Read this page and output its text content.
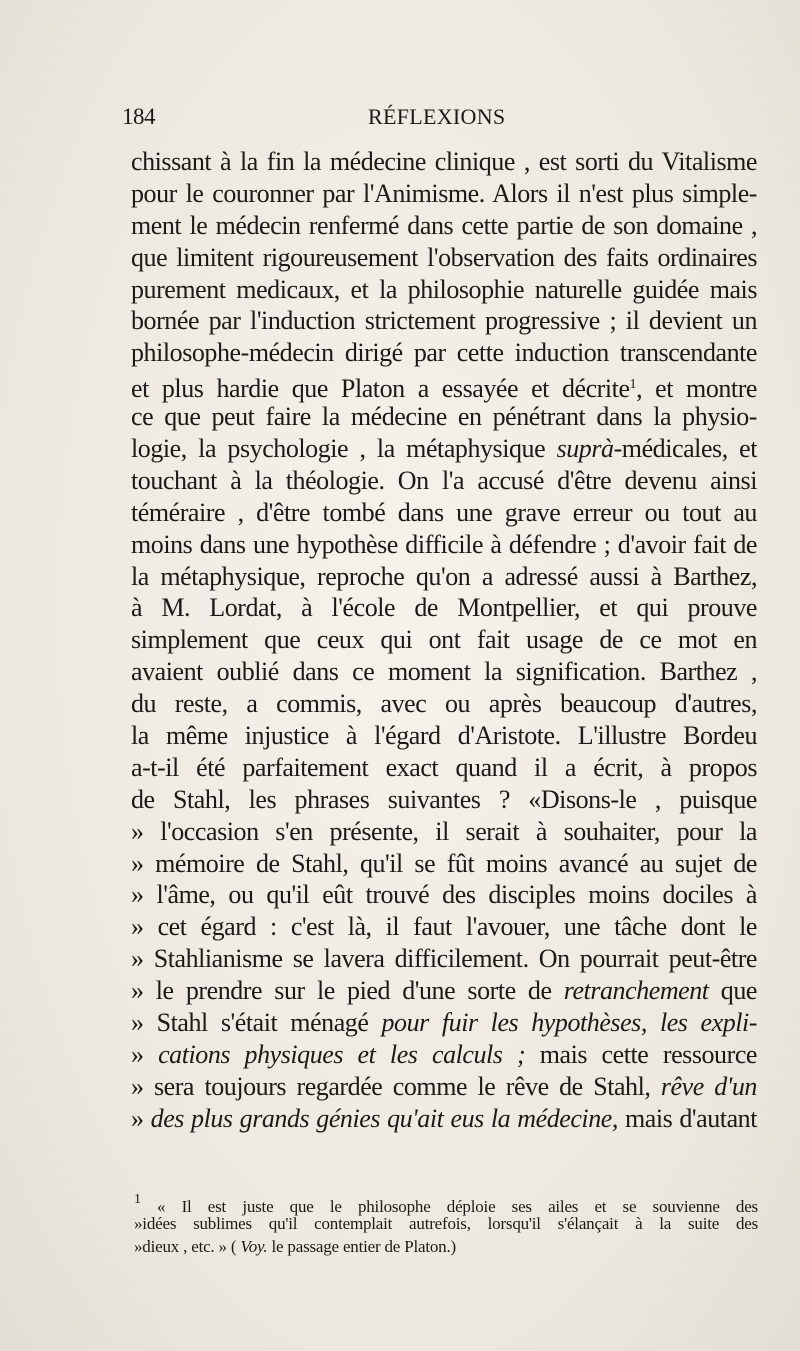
184	RÉFLEXIONS
chissant à la fin la médecine clinique , est sorti du Vitalisme
pour le couronner par l'Animisme. Alors il n'est plus simple-
ment le médecin renfermé dans cette partie de son domaine ,
que limitent rigoureusement l'observation des faits ordinaires
purement medicaux, et la philosophie naturelle guidée mais
bornée par l'induction strictement progressive ; il devient un
philosophe-médecin dirigé par cette induction transcendante
et plus hardie que Platon a essayée et décrite$^1$, et montre
ce que peut faire la médecine en pénétrant dans la physio-
logie, la psychologie , la métaphysique suprà-médicales, et
touchant à la théologie. On l'a accusé d'être devenu ainsi
téméraire , d'être tombé dans une grave erreur ou tout au
moins dans une hypothèse difficile à défendre ; d'avoir fait de
la métaphysique, reproche qu'on a adressé aussi à Barthez,
à M. Lordat, à l'école de Montpellier, et qui prouve
simplement que ceux qui ont fait usage de ce mot en
avaient oublié dans ce moment la signification. Barthez ,
du reste, a commis, avec ou après beaucoup d'autres,
la même injustice à l'égard d'Aristote. L'illustre Bordeu
a-t-il été parfaitement exact quand il a écrit, à propos
de Stahl, les phrases suivantes ? «Disons-le , puisque
» l'occasion s'en présente, il serait à souhaiter, pour la
» mémoire de Stahl, qu'il se fût moins avancé au sujet de
» l'âme, ou qu'il eût trouvé des disciples moins dociles à
» cet égard : c'est là, il faut l'avouer, une tâche dont le
» Stahlianisme se lavera difficilement. On pourrait peut-être
» le prendre sur le pied d'une sorte de retranchement que
» Stahl s'était ménagé pour fuir les hypothèses, les expli-
» cations physiques et les calculs ; mais cette ressource
» sera toujours regardée comme le rêve de Stahl, rêve d'un
» des plus grands génies qu'ait eus la médecine, mais d'autant
$^1$ « Il est juste que le philosophe déploie ses ailes et se souvienne des
»idées sublimes qu'il contemplait autrefois, lorsqu'il s'élançait à la suite des
»dieux , etc. » ( Voy. le passage entier de Platon.)
